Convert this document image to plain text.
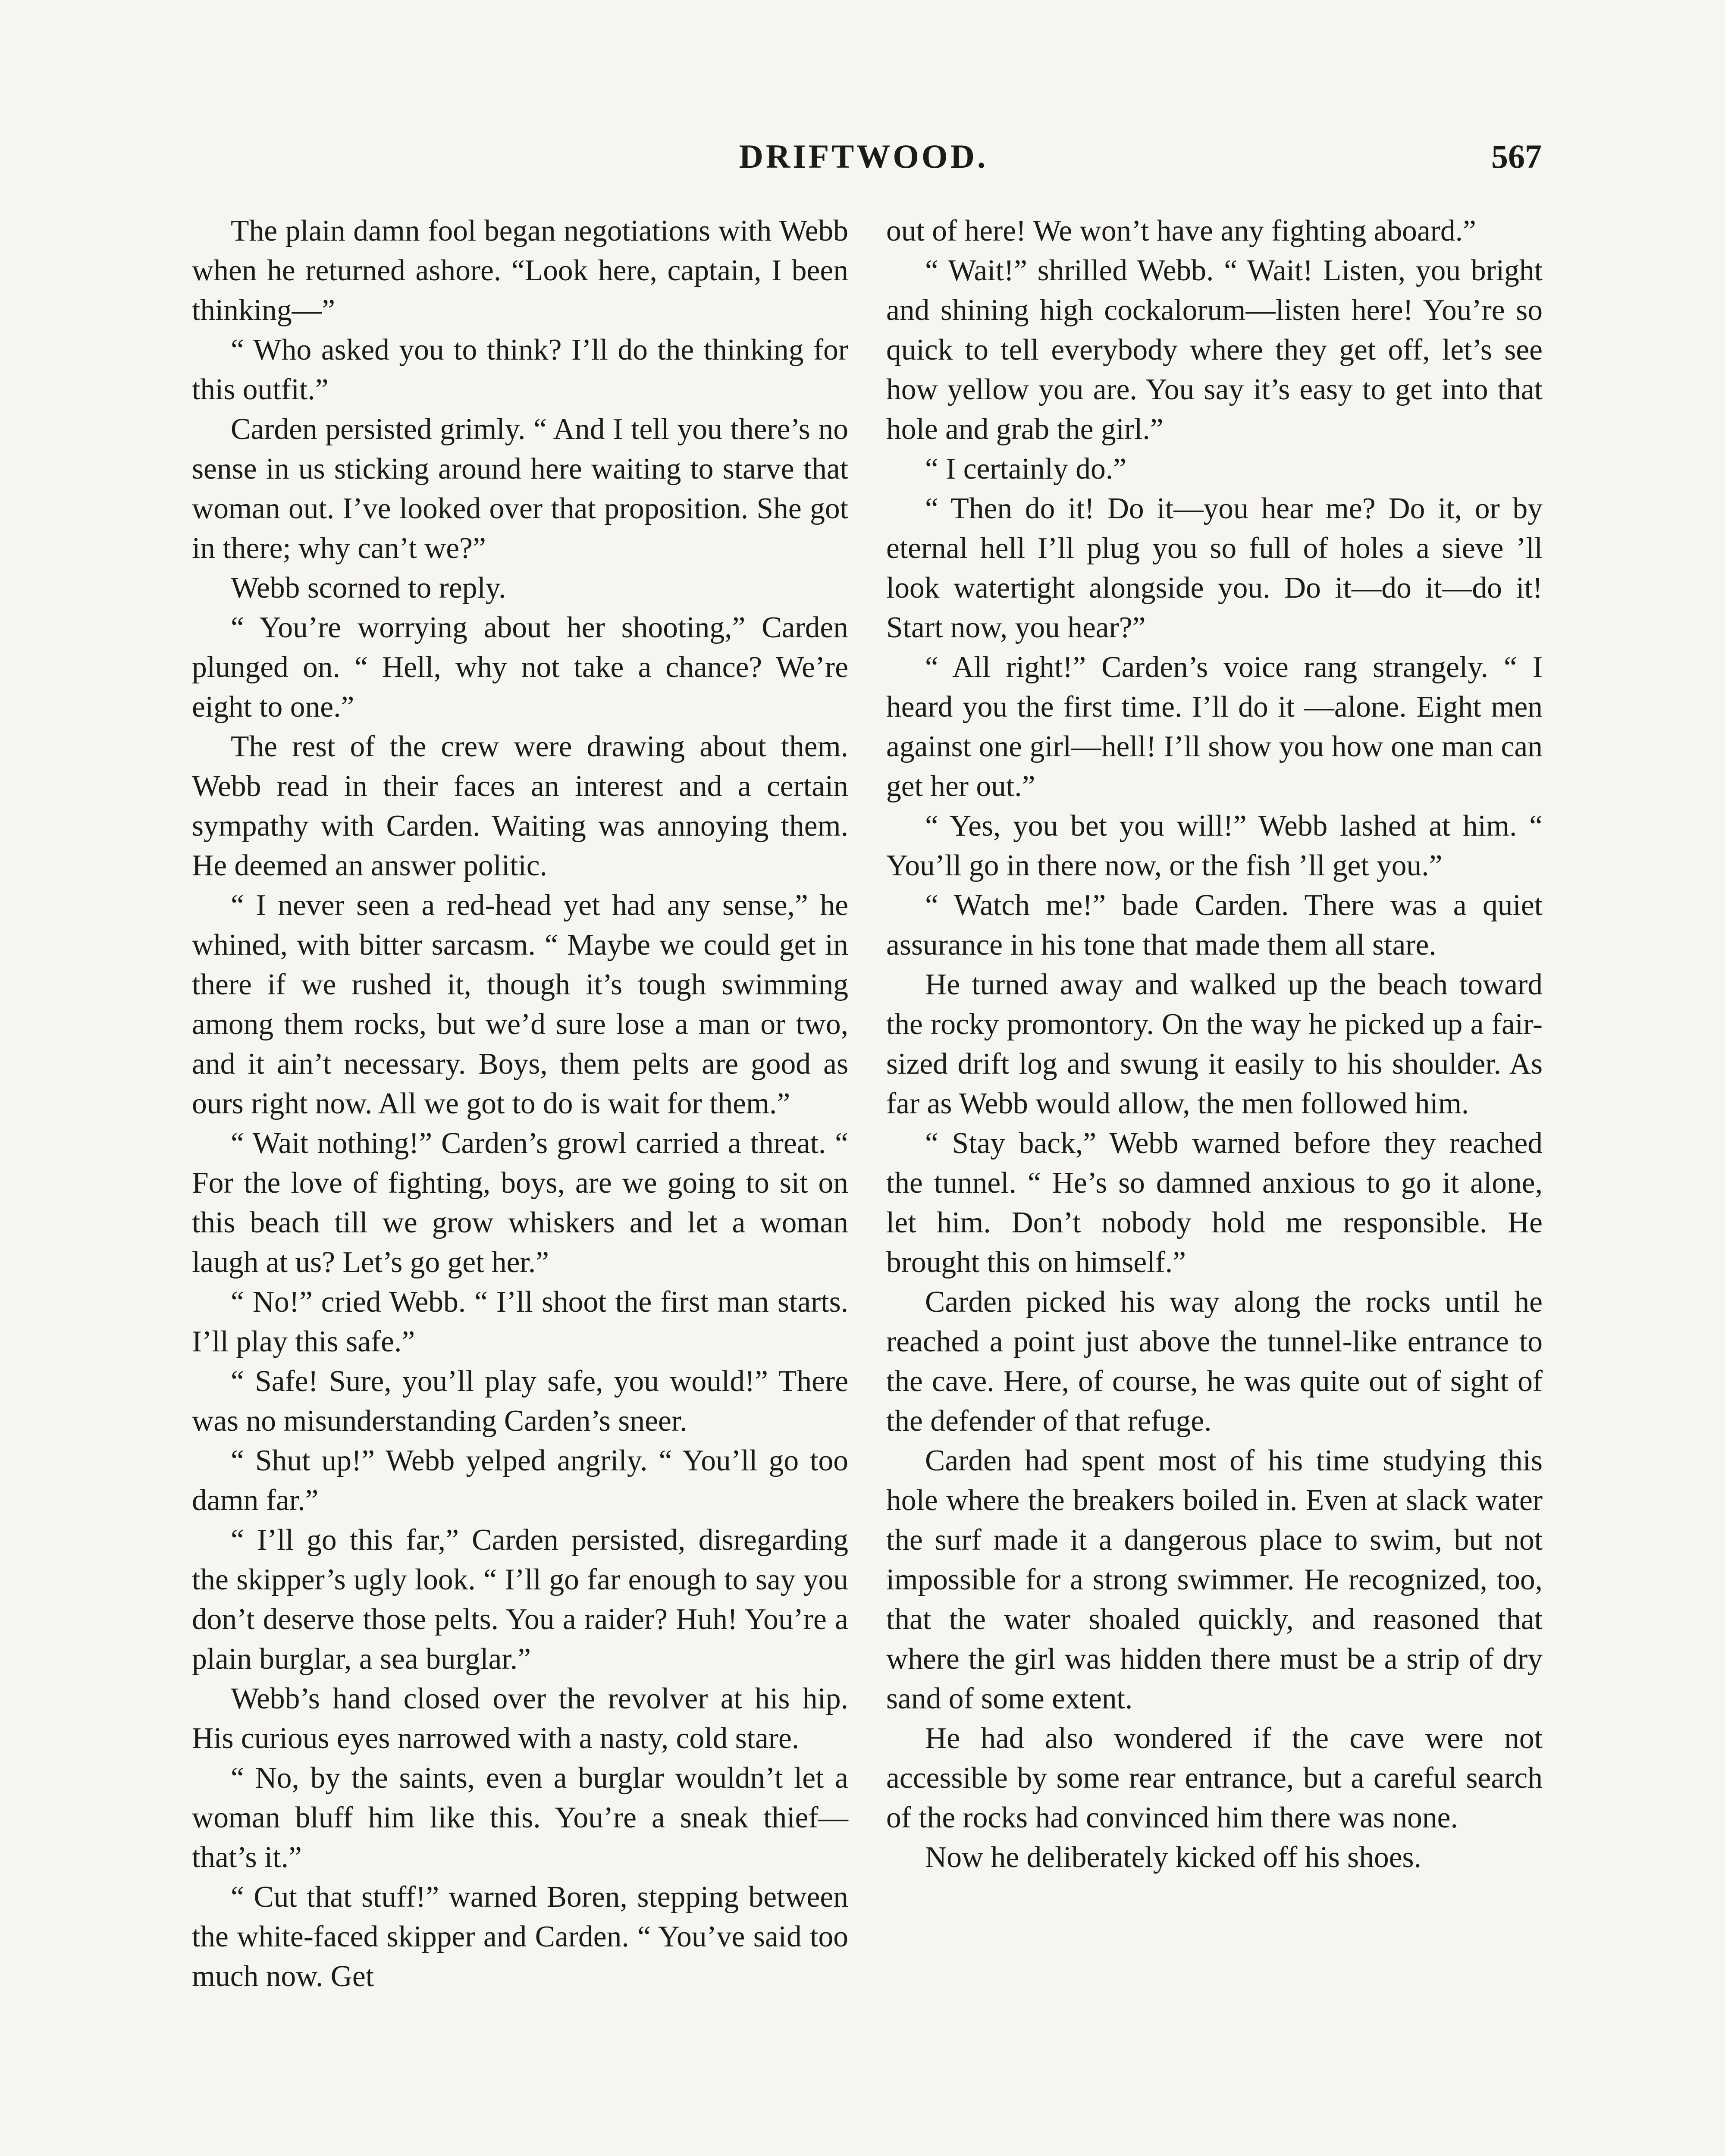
DRIFTWOOD.	567

The plain damn fool began negotiations with Webb when he returned ashore. “Look here, captain, I been thinking—”

“ Who asked you to think? I’ll do the thinking for this outfit.”

Carden persisted grimly. “ And I tell you there’s no sense in us sticking around here waiting to starve that woman out. I’ve looked over that proposition. She got in there; why can’t we?”

Webb scorned to reply.

“ You’re worrying about her shooting,” Carden plunged on. “ Hell, why not take a chance? We’re eight to one.”

The rest of the crew were drawing about them. Webb read in their faces an interest and a certain sympathy with Carden. Waiting was annoying them. He deemed an answer politic.

“ I never seen a red-head yet had any sense,” he whined, with bitter sarcasm. “ Maybe we could get in there if we rushed it, though it’s tough swimming among them rocks, but we’d sure lose a man or two, and it ain’t necessary. Boys, them pelts are good as ours right now. All we got to do is wait for them.”

“ Wait nothing!” Carden’s growl carried a threat. “ For the love of fighting, boys, are we going to sit on this beach till we grow whiskers and let a woman laugh at us? Let’s go get her.”

“ No!” cried Webb. “ I’ll shoot the first man starts. I’ll play this safe.”

“ Safe! Sure, you’ll play safe, you would!” There was no misunderstanding Carden’s sneer.

“ Shut up!” Webb yelped angrily. “ You’ll go too damn far.”

“ I’ll go this far,” Carden persisted, disregarding the skipper’s ugly look. “ I’ll go far enough to say you don’t deserve those pelts. You a raider? Huh! You’re a plain burglar, a sea burglar.”

Webb’s hand closed over the revolver at his hip. His curious eyes narrowed with a nasty, cold stare.

“ No, by the saints, even a burglar wouldn’t let a woman bluff him like this. You’re a sneak thief—that’s it.”

“ Cut that stuff!” warned Boren, stepping between the white-faced skipper and Carden. “ You’ve said too much now. Get

out of here! We won’t have any fighting aboard.”

“ Wait!” shrilled Webb. “ Wait! Listen, you bright and shining high cockalorum—listen here! You’re so quick to tell everybody where they get off, let’s see how yellow you are. You say it’s easy to get into that hole and grab the girl.”

“ I certainly do.”

“ Then do it! Do it—you hear me? Do it, or by eternal hell I’ll plug you so full of holes a sieve ’ll look watertight alongside you. Do it—do it—do it! Start now, you hear?”

“ All right!” Carden’s voice rang strangely. “ I heard you the first time. I’ll do it —alone. Eight men against one girl—hell! I’ll show you how one man can get her out.”

“ Yes, you bet you will!” Webb lashed at him. “ You’ll go in there now, or the fish ’ll get you.”

“ Watch me!” bade Carden. There was a quiet assurance in his tone that made them all stare.

He turned away and walked up the beach toward the rocky promontory. On the way he picked up a fair-sized drift log and swung it easily to his shoulder. As far as Webb would allow, the men followed him.

“ Stay back,” Webb warned before they reached the tunnel. “ He’s so damned anxious to go it alone, let him. Don’t nobody hold me responsible. He brought this on himself.”

Carden picked his way along the rocks until he reached a point just above the tunnel-like entrance to the cave. Here, of course, he was quite out of sight of the defender of that refuge.

Carden had spent most of his time studying this hole where the breakers boiled in. Even at slack water the surf made it a dangerous place to swim, but not impossible for a strong swimmer. He recognized, too, that the water shoaled quickly, and reasoned that where the girl was hidden there must be a strip of dry sand of some extent.

He had also wondered if the cave were not accessible by some rear entrance, but a careful search of the rocks had convinced him there was none.

Now he deliberately kicked off his shoes.
